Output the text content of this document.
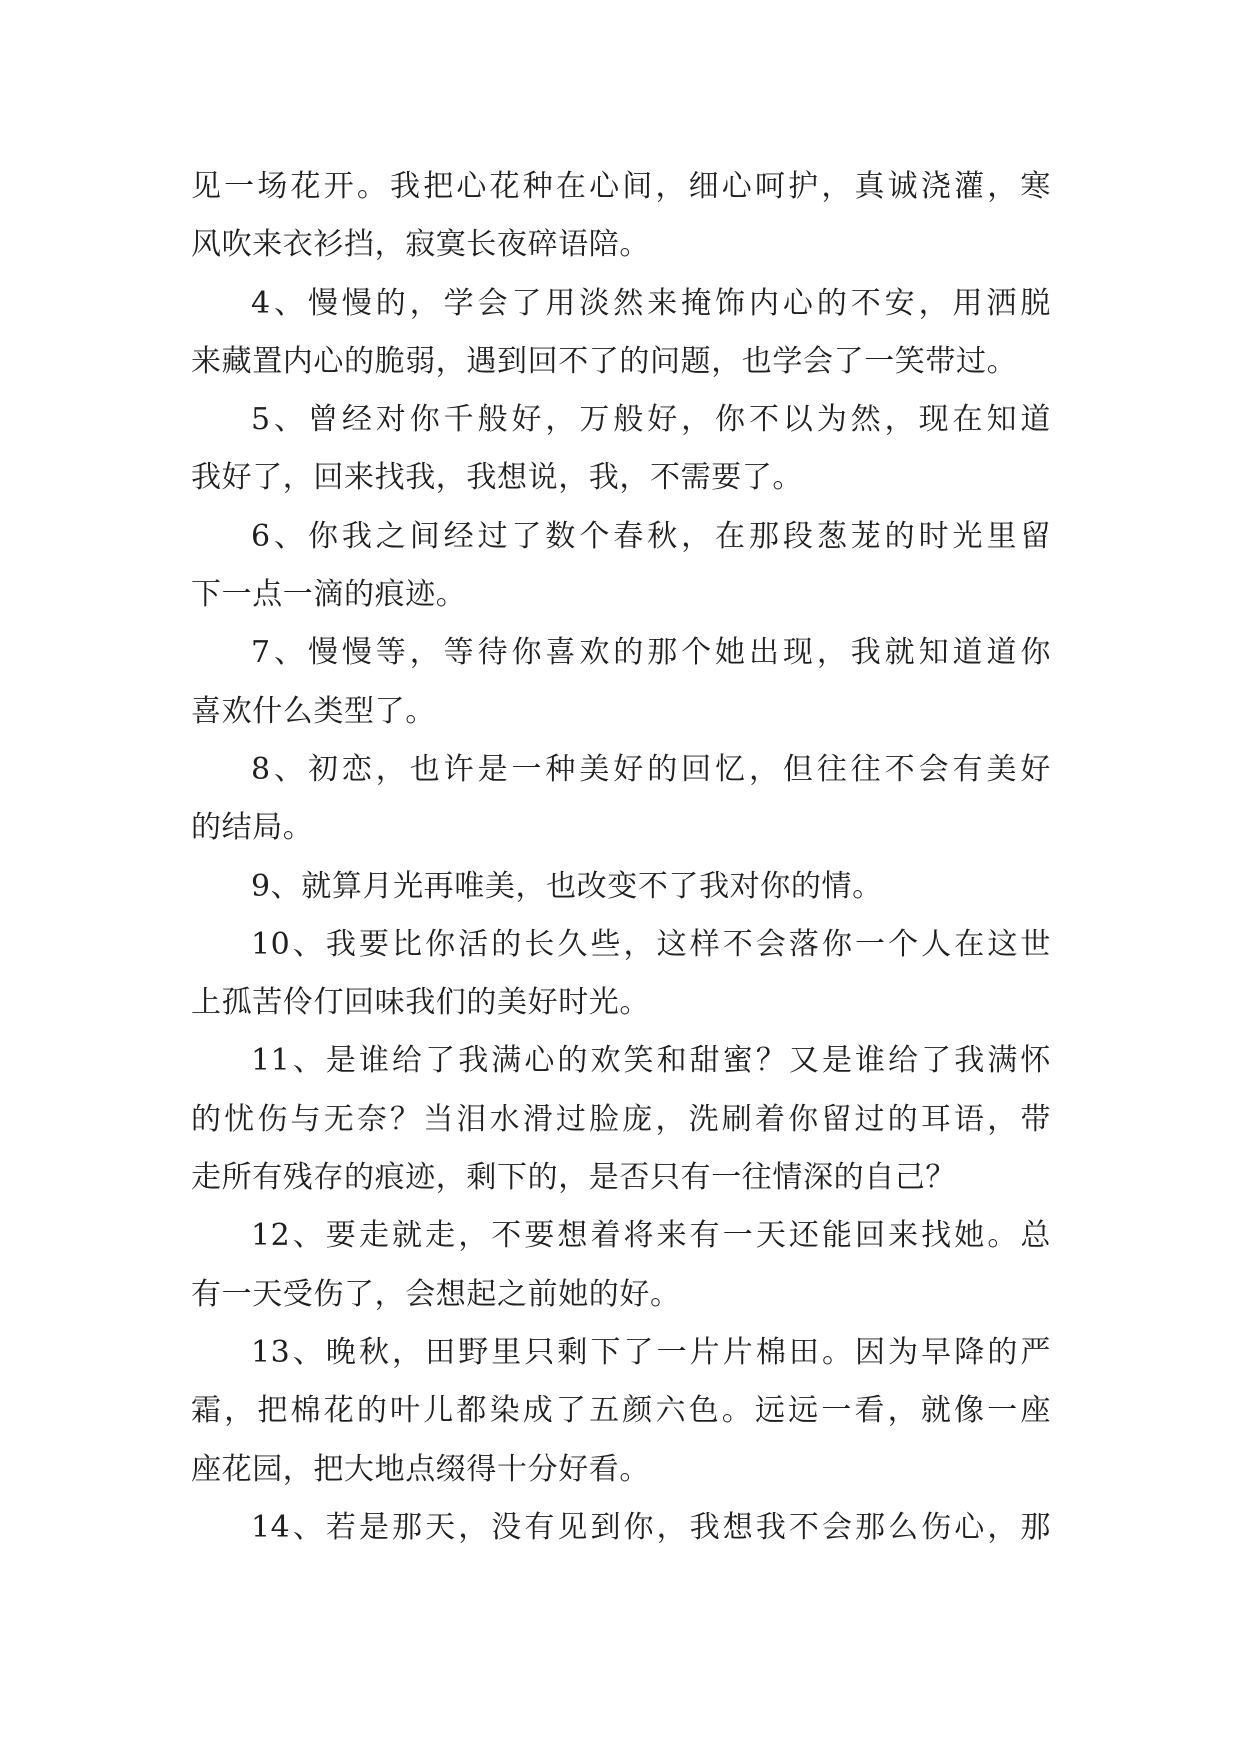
见一场花开。我把心花种在心间，细心呵护，真诚浇灌，寒
风吹来衣衫挡，寂寞长夜碎语陪。
4、慢慢的，学会了用淡然来掩饰内心的不安，用洒脱
来藏置内心的脆弱，遇到回不了的问题，也学会了一笑带过。
5、曾经对你千般好，万般好，你不以为然，现在知道
我好了，回来找我，我想说，我，不需要了。
6、你我之间经过了数个春秋，在那段葱茏的时光里留
下一点一滴的痕迹。
7、慢慢等，等待你喜欢的那个她出现，我就知道道你
喜欢什么类型了。
8、初恋，也许是一种美好的回忆，但往往不会有美好
的结局。
9、就算月光再唯美，也改变不了我对你的情。
10、我要比你活的长久些，这样不会落你一个人在这世
上孤苦伶仃回味我们的美好时光。
11、是谁给了我满心的欢笑和甜蜜？又是谁给了我满怀
的忧伤与无奈？当泪水滑过脸庞，洗刷着你留过的耳语，带
走所有残存的痕迹，剩下的，是否只有一往情深的自己？
12、要走就走，不要想着将来有一天还能回来找她。总
有一天受伤了，会想起之前她的好。
13、晚秋，田野里只剩下了一片片棉田。因为早降的严
霜，把棉花的叶儿都染成了五颜六色。远远一看，就像一座
座花园，把大地点缀得十分好看。
14、若是那天，没有见到你，我想我不会那么伤心，那
